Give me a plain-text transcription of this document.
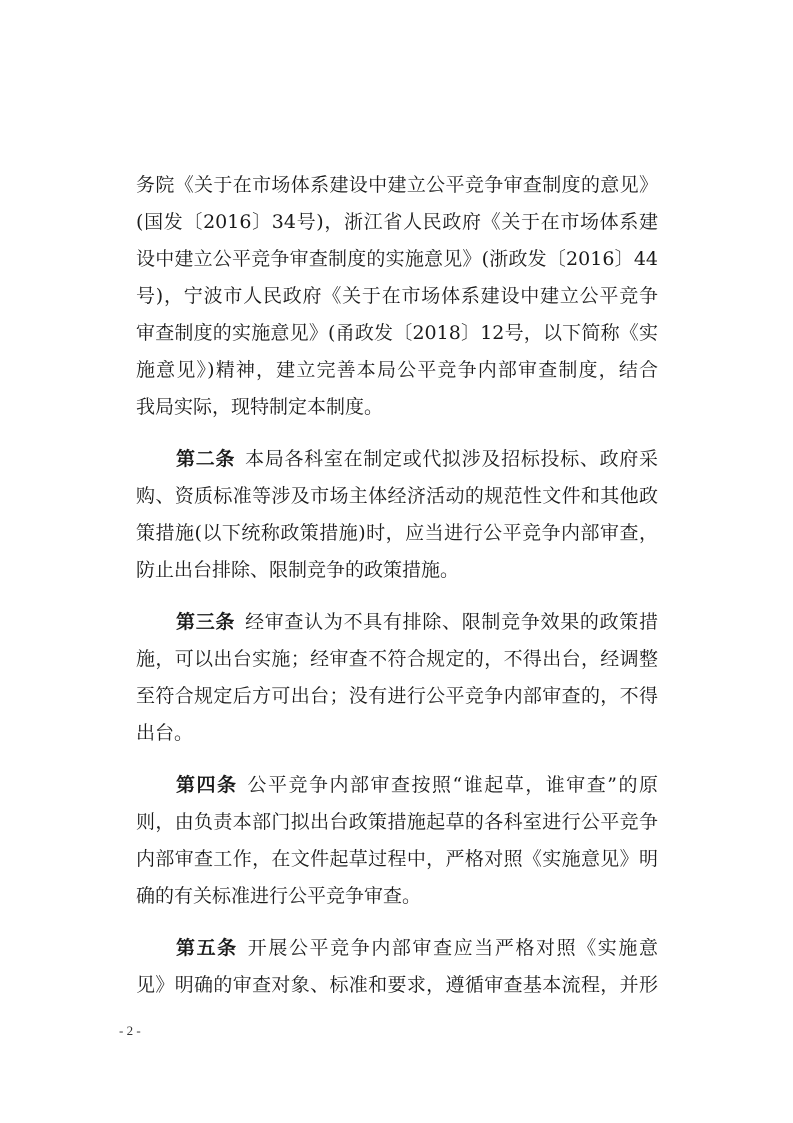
务院《关于在市场体系建设中建立公平竞争审查制度的意见》
(国发〔2016〕34号)，浙江省人民政府《关于在市场体系建
设中建立公平竞争审查制度的实施意见》(浙政发〔2016〕44
号)，宁波市人民政府《关于在市场体系建设中建立公平竞争
审查制度的实施意见》(甬政发〔2018〕12号，以下简称《实
施意见》)精神，建立完善本局公平竞争内部审查制度，结合
我局实际，现特制定本制度。

第二条 本局各科室在制定或代拟涉及招标投标、政府采
购、资质标准等涉及市场主体经济活动的规范性文件和其他政
策措施(以下统称政策措施)时，应当进行公平竞争内部审查，
防止出台排除、限制竞争的政策措施。

第三条 经审查认为不具有排除、限制竞争效果的政策措
施，可以出台实施；经审查不符合规定的，不得出台，经调整
至符合规定后方可出台；没有进行公平竞争内部审查的，不得
出台。

第四条 公平竞争内部审查按照“谁起草，谁审查”的原
则，由负责本部门拟出台政策措施起草的各科室进行公平竞争
内部审查工作，在文件起草过程中，严格对照《实施意见》明
确的有关标准进行公平竞争审查。

第五条 开展公平竞争内部审查应当严格对照《实施意
见》明确的审查对象、标准和要求，遵循审查基本流程，并形

- 2 -
